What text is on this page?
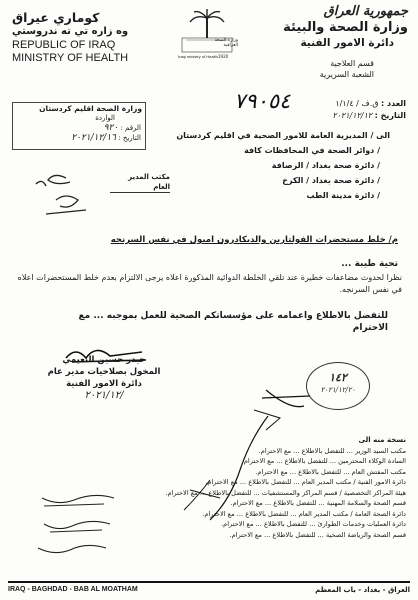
جمهورية العراق
وزارة الصحة والبيئة
دائرة الامور الفنية
قسم العلاجية
الشعبة السريرية
كوماري عيراق
وه زاره تي ته ندروستي
REPUBLIC OF IRAQ
MINISTRY OF HEALTH
وزارة الصحة العراقية
Iraqi ministry of Health 1920
العدد : ق.ف / ١/١/٤
التاريخ : ٢٠٢١/١٢/١٢
٧٩٠٥٤
وزارة الصحة اقليم كردستان
الواردة
الرقم : ٩٢٠
التاريخ : ٢٠٢١/١٢/١٦	الى / المديرية العامة للامور الصحية في اقليم كردستان
/ دوائر الصحة في المحافظات كافة
/ دائرة صحة بغداد / الرصافة
/ دائرة صحة بغداد / الكرخ
/ دائرة مدينة الطب
مكتب المدير العام
م/ خلط مستحضرات الفولتارين والديكادرون امبول في نفس السرنجه
تحية طيبة ...
نظرا لحدوث مضاعفات خطيرة عند تلقي الخلطة الدوائية المذكورة اعلاه يرجى الالتزام بعدم خلط المستحضرات اعلاه في نفس السرنجه.
للتفضل بالاطلاع واعمامه على مؤسساتكم الصحية للعمل بموجبه ... مع الاحترام
حيدر حسين النعيمي
المخول بصلاحيات مدير عام
دائرة الامور الفنية
٢٠٢١/١٢/
١٤٢
٢٠٢١/١٢/٢٠
نسخة منه الى
مكتب السيد الوزير ... للتفضل بالاطلاع ... مع الاحترام.
السادة الوكلاء المحترمين ... للتفضل بالاطلاع ... مع الاحترام.
مكتب المفتش العام ... للتفضل بالاطلاع ... مع الاحترام.
دائرة الامور الفنية / مكتب المدير العام ... للتفضل بالاطلاع ... مع الاحترام.
هيئة المراكز التخصصية / قسم المراكز والمستشفيات ... للتفضل بالاطلاع ... مع الاحترام.
قسم الصحة والسلامة المهنية ... للتفضل بالاطلاع ... مع الاحترام.
دائرة الصحة العامة / مكتب المدير العام ... للتفضل بالاطلاع ... مع الاحترام.
دائرة العمليات وخدمات الطوارئ ... للتفضل بالاطلاع ... مع الاحترام.
قسم الصحة والرياضة الصحية ... للتفضل بالاطلاع ... مع الاحترام.
IRAQ - BAGHDAD - BAB AL MOATHAM	العراق - بغداد - باب المعظم
